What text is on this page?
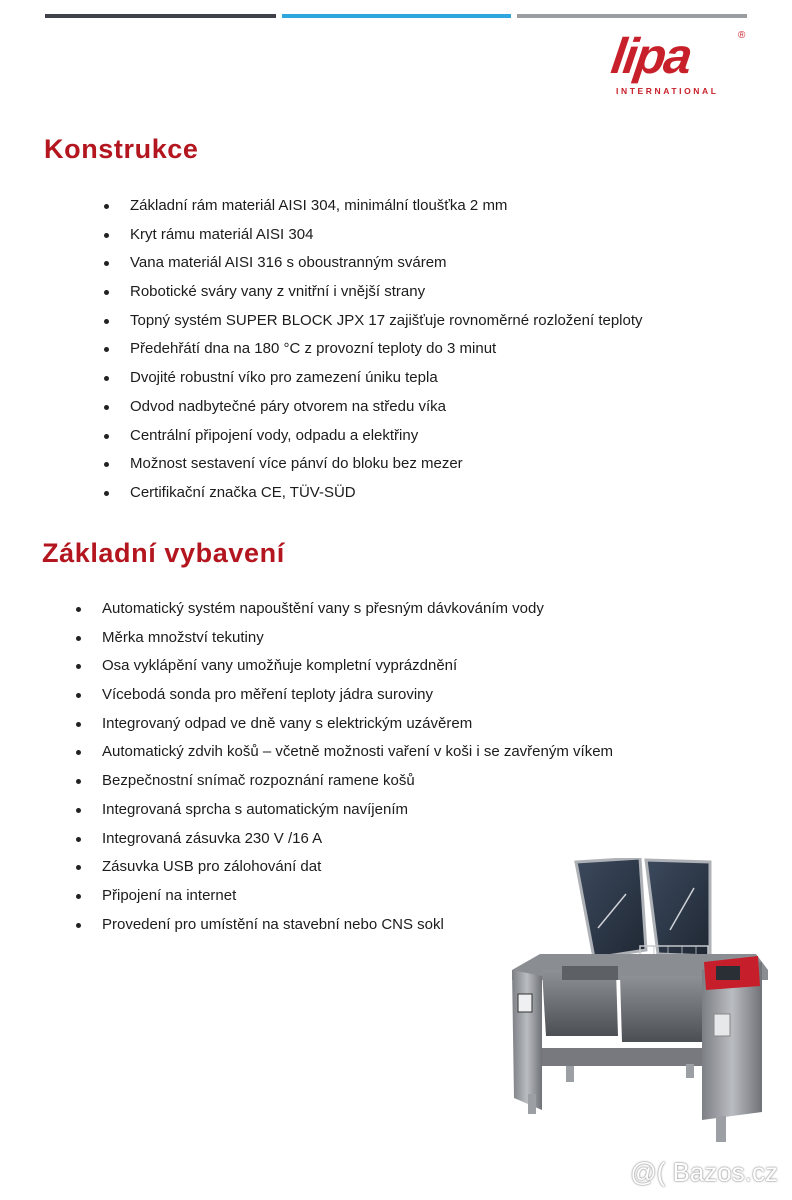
lipa	®
INTERNATIONAL
Konstrukce
Základní rám materiál AISI 304, minimální tloušťka 2 mm
Kryt rámu materiál AISI 304
Vana materiál AISI 316 s oboustranným svárem
Robotické sváry vany z vnitřní i vnější strany
Topný systém SUPER BLOCK JPX 17 zajišťuje rovnoměrné rozložení teploty
Předehřátí dna na 180 °C z provozní teploty do 3 minut
Dvojité robustní víko pro zamezení úniku tepla
Odvod nadbytečné páry otvorem na středu víka
Centrální připojení vody, odpadu a elektřiny
Možnost sestavení více pánví do bloku bez mezer
Certifikační značka CE, TÜV-SÜD
Základní vybavení
Automatický systém napouštění vany s přesným dávkováním vody
Měrka množství tekutiny
Osa vyklápění vany umožňuje kompletní vyprázdnění
Vícebodá sonda pro měření teploty jádra suroviny
Integrovaný odpad ve dně vany s elektrickým uzávěrem
Automatický zdvih košů – včetně možnosti vaření v koši i se zavřeným víkem
Bezpečnostní snímač rozpoznání ramene košů
Integrovaná sprcha s automatickým navíjením
Integrovaná zásuvka 230 V /16 A
Zásuvka USB pro zálohování dat
Připojení na internet
Provedení pro umístění na stavební nebo CNS sokl
@( Bazos.cz
